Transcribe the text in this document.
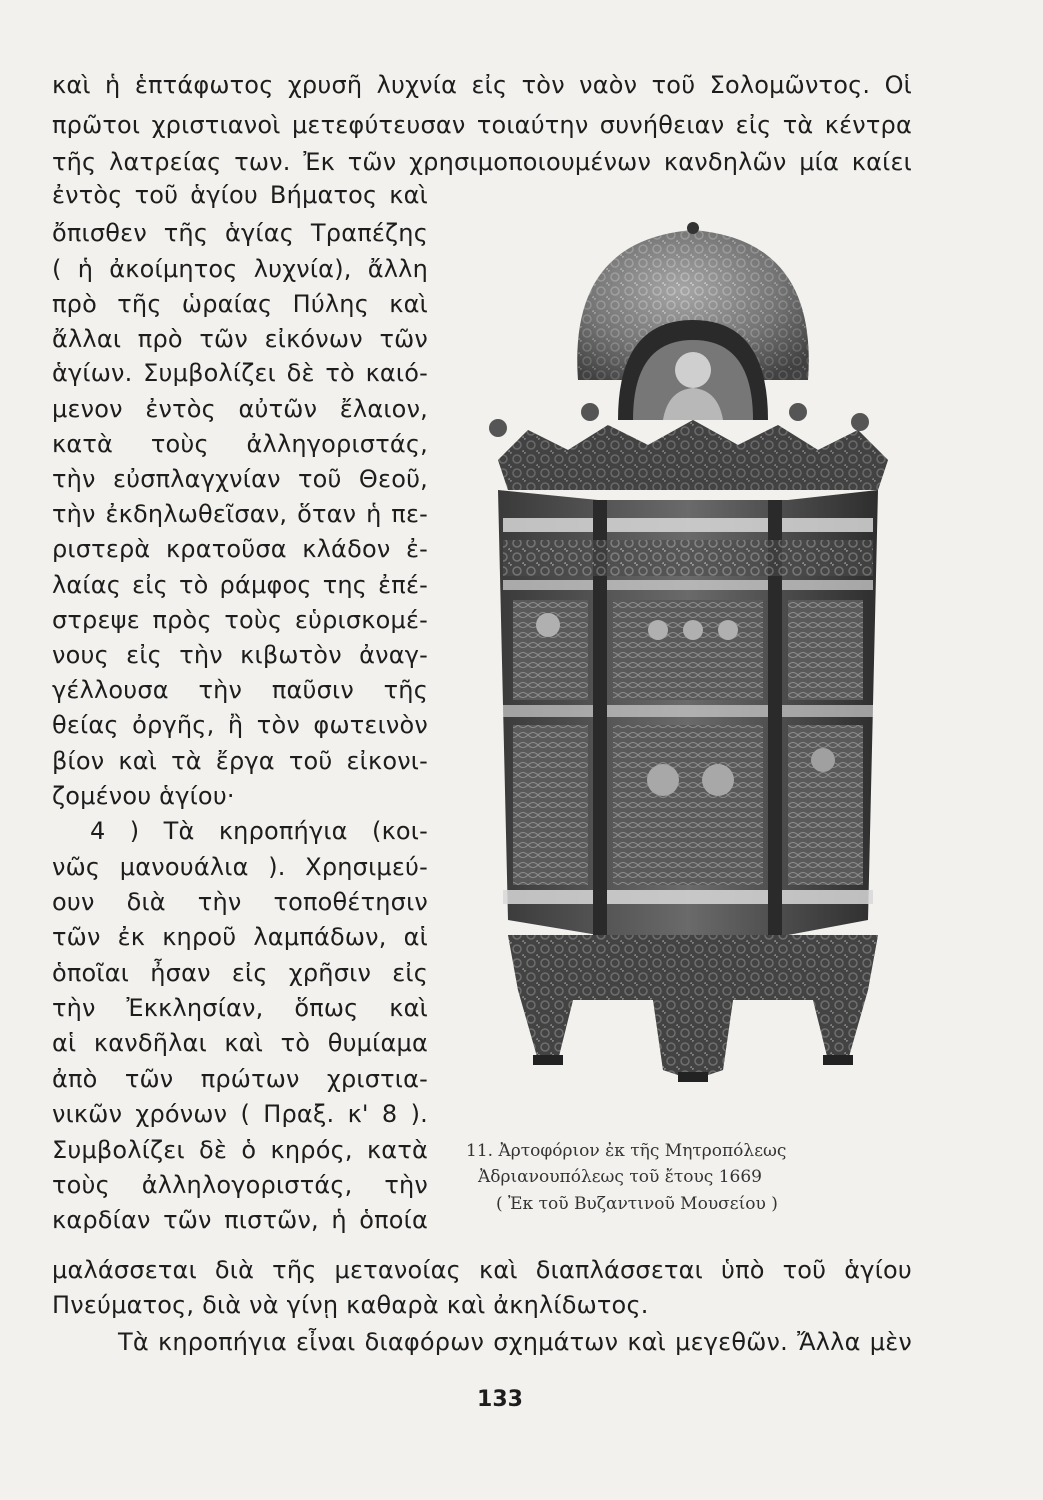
καὶ ἡ ἑπτάφωτος χρυσῆ λυχνία εἰς τὸν ναὸν τοῦ Σολομῶντος. Οἱ
πρῶτοι χριστιανοὶ μετεφύτευσαν τοιαύτην συνήθειαν εἰς τὰ κέντρα
τῆς λατρείας των. Ἐκ τῶν χρησιμοποιουμένων κανδηλῶν μία καίει
ἐντὸς τοῦ ἁγίου Βήματος καὶ
ὄπισθεν τῆς ἁγίας Τραπέζης
( ἡ ἀκοίμητος λυχνία), ἄλλη
πρὸ τῆς ὡραίας Πύλης καὶ
ἄλλαι πρὸ τῶν εἰκόνων τῶν
ἁγίων. Συμβολίζει δὲ τὸ καιό-
μενον ἐντὸς αὐτῶν ἔλαιον,
κατὰ τοὺς ἀλληγοριστάς,
τὴν εὐσπλαγχνίαν τοῦ Θεοῦ,
τὴν ἐκδηλωθεῖσαν, ὅταν ἡ πε-
ριστερὰ κρατοῦσα κλάδον ἐ-
λαίας εἰς τὸ ράμφος της ἐπέ-
στρεψε πρὸς τοὺς εὑρισκομέ-
νους εἰς τὴν κιβωτὸν ἀναγ-
γέλλουσα τὴν παῦσιν τῆς
θείας ὀργῆς, ἢ τὸν φωτεινὸν
βίον καὶ τὰ ἔργα τοῦ εἰκονι-
ζομένου ἁγίου·
4 ) Τὰ κηροπήγια (κοι-
νῶς μανουάλια ). Χρησιμεύ-
ουν διὰ τὴν τοποθέτησιν
τῶν ἐκ κηροῦ λαμπάδων, αἱ
ὁποῖαι ἦσαν εἰς χρῆσιν εἰς
τὴν Ἐκκλησίαν, ὅπως καὶ
αἱ κανδῆλαι καὶ τὸ θυμίαμα
ἀπὸ τῶν πρώτων χριστια-
νικῶν χρόνων ( Πραξ. κ' 8 ).
Συμβολίζει δὲ ὁ κηρός, κατὰ
τοὺς ἀλληλογοριστάς, τὴν
καρδίαν τῶν πιστῶν, ἡ ὁποία
μαλάσσεται διὰ τῆς μετανοίας καὶ διαπλάσσεται ὑπὸ τοῦ ἁγίου
Πνεύματος, διὰ νὰ γίνῃ καθαρὰ καὶ ἀκηλίδωτος.
Τὰ κηροπήγια εἶναι διαφόρων σχημάτων καὶ μεγεθῶν. Ἄλλα μὲν
11. Ἀρτοφόριον ἐκ τῆς Μητροπόλεως
Ἀδριανουπόλεως τοῦ ἔτους 1669
( Ἐκ τοῦ Βυζαντινοῦ Μουσείου )
133
